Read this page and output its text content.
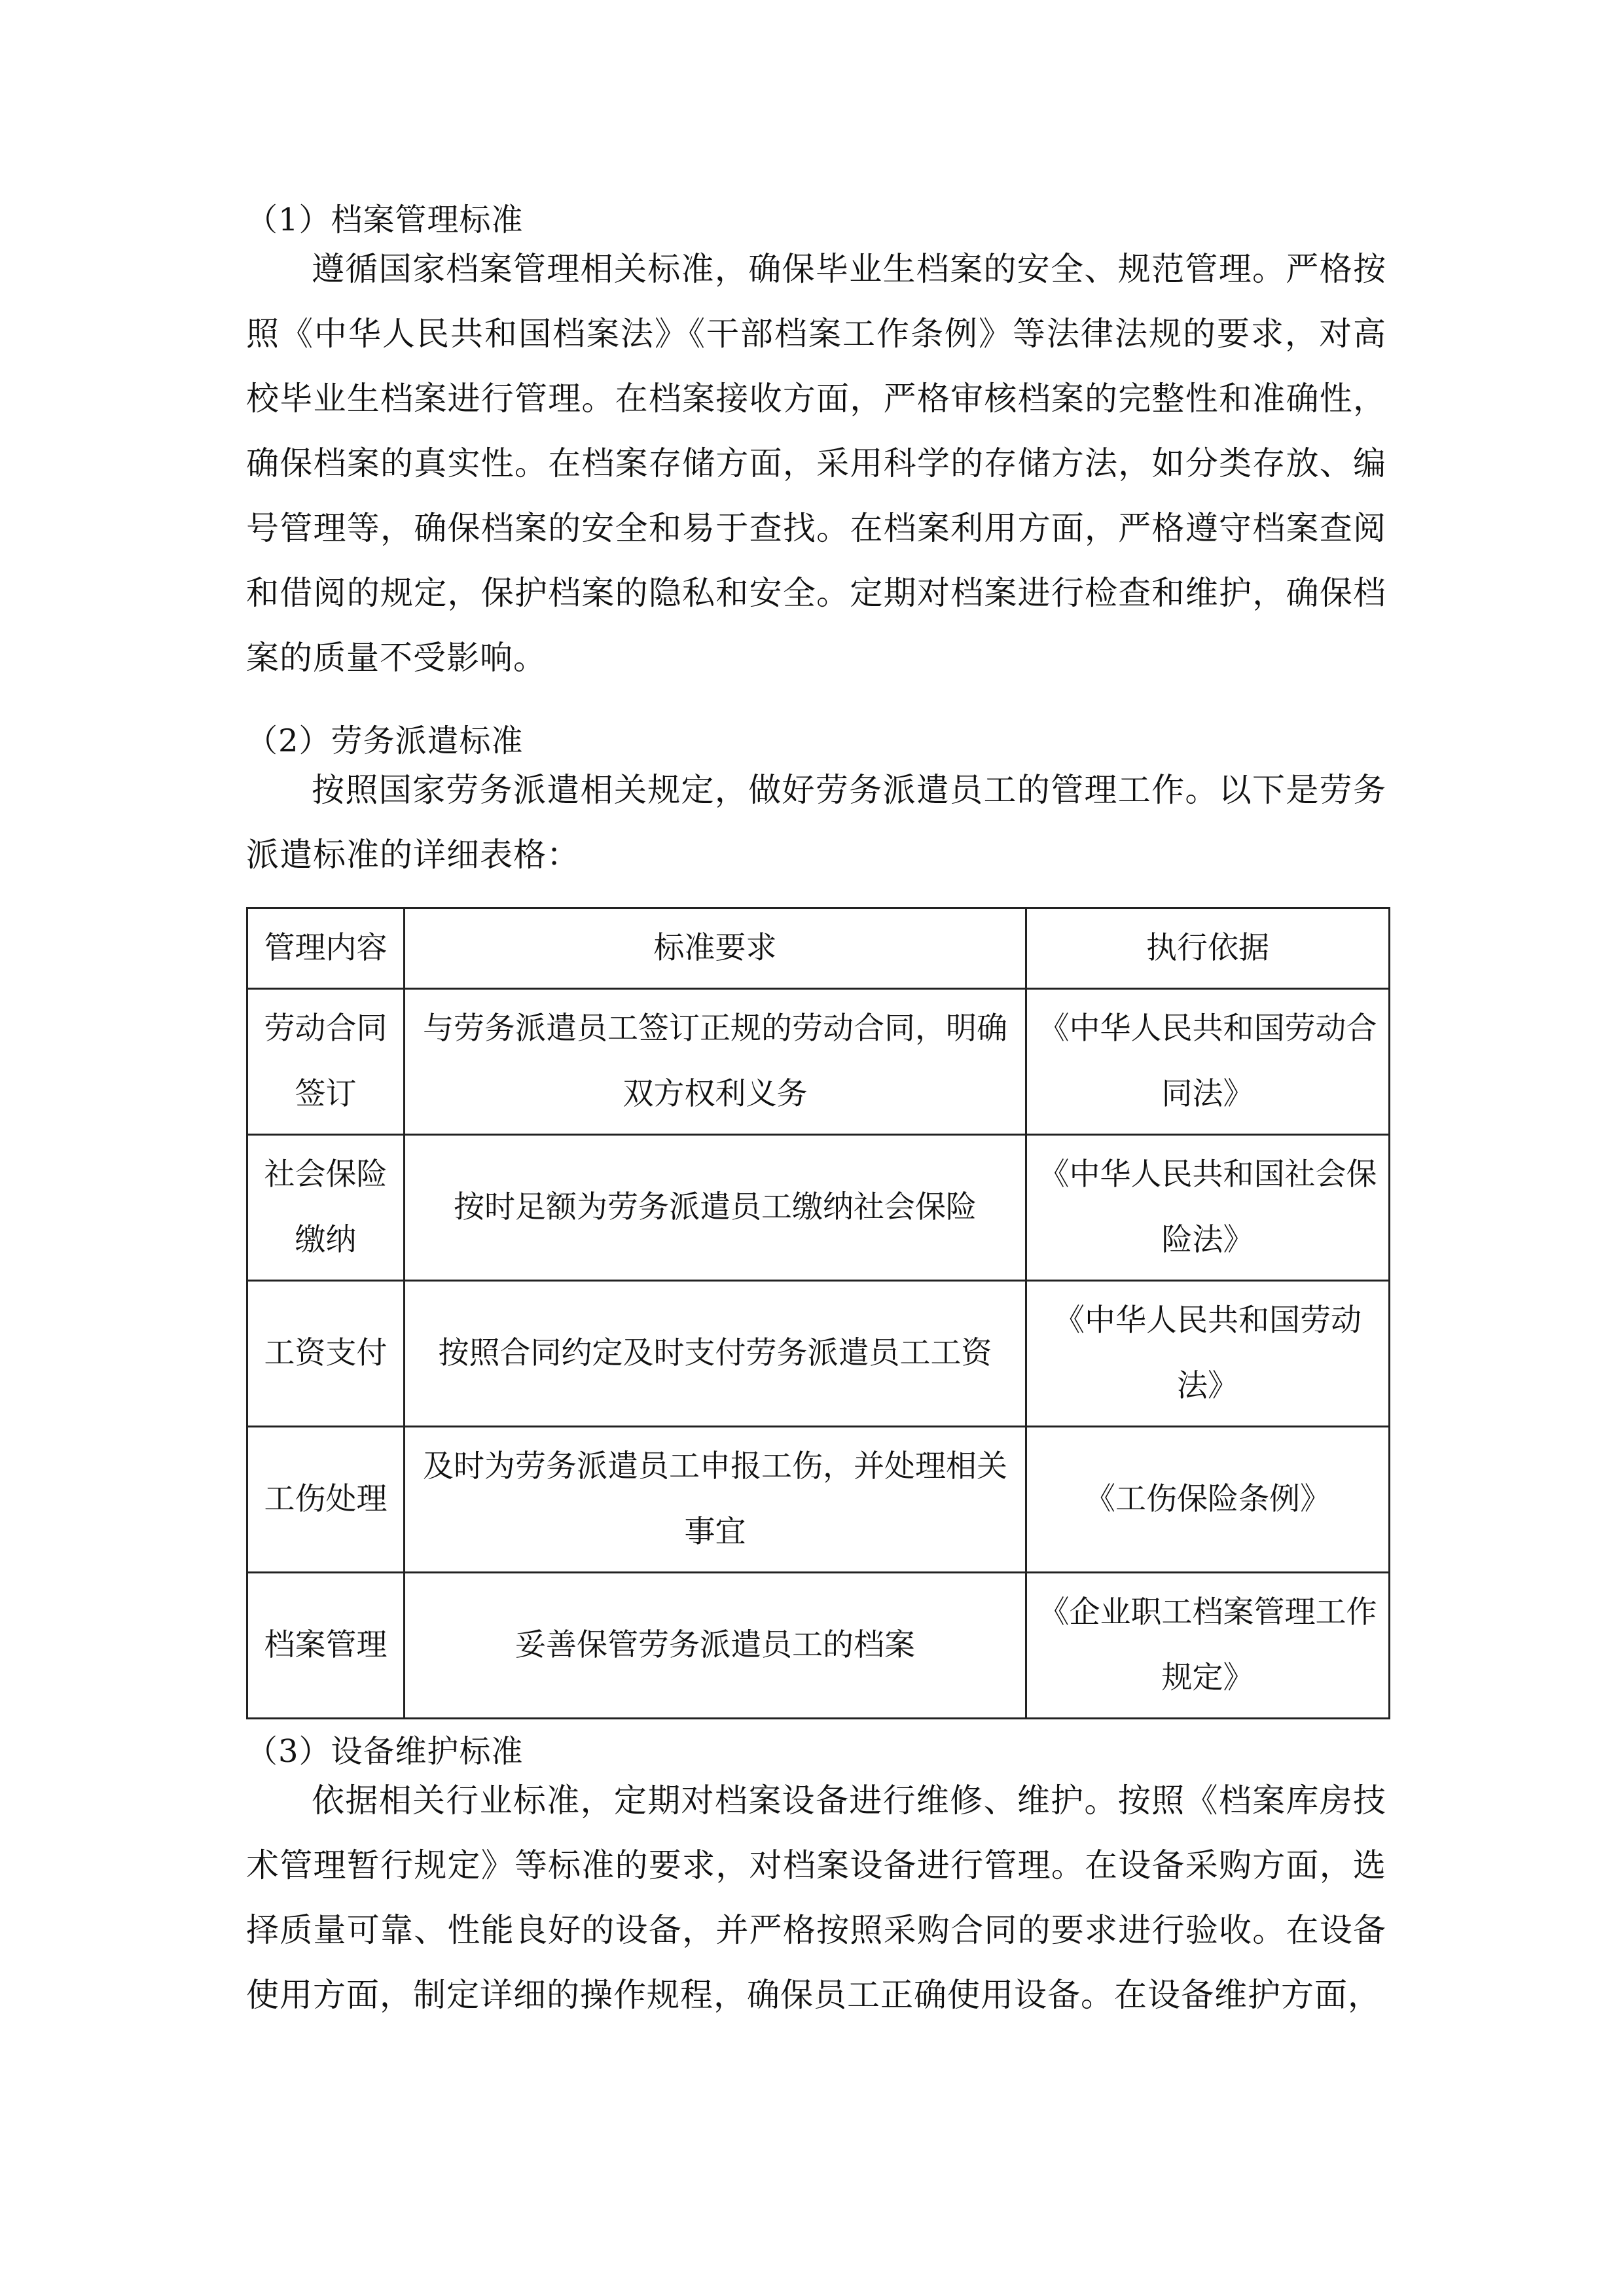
（1）档案管理标准
遵循国家档案管理相关标准，确保毕业生档案的安全、规范管理。严格按照《中华人民共和国档案法》《干部档案工作条例》等法律法规的要求，对高校毕业生档案进行管理。在档案接收方面，严格审核档案的完整性和准确性，确保档案的真实性。在档案存储方面，采用科学的存储方法，如分类存放、编号管理等，确保档案的安全和易于查找。在档案利用方面，严格遵守档案查阅和借阅的规定，保护档案的隐私和安全。定期对档案进行检查和维护，确保档案的质量不受影响。
（2）劳务派遣标准
按照国家劳务派遣相关规定，做好劳务派遣员工的管理工作。以下是劳务派遣标准的详细表格：
管理内容	标准要求	执行依据
劳动合同签订	与劳务派遣员工签订正规的劳动合同，明确双方权利义务	《中华人民共和国劳动合同法》
社会保险缴纳	按时足额为劳务派遣员工缴纳社会保险	《中华人民共和国社会保险法》
工资支付	按照合同约定及时支付劳务派遣员工工资	《中华人民共和国劳动法》
工伤处理	及时为劳务派遣员工申报工伤，并处理相关事宜	《工伤保险条例》
档案管理	妥善保管劳务派遣员工的档案	《企业职工档案管理工作规定》
（3）设备维护标准
依据相关行业标准，定期对档案设备进行维修、维护。按照《档案库房技术管理暂行规定》等标准的要求，对档案设备进行管理。在设备采购方面，选择质量可靠、性能良好的设备，并严格按照采购合同的要求进行验收。在设备使用方面，制定详细的操作规程，确保员工正确使用设备。在设备维护方面，
